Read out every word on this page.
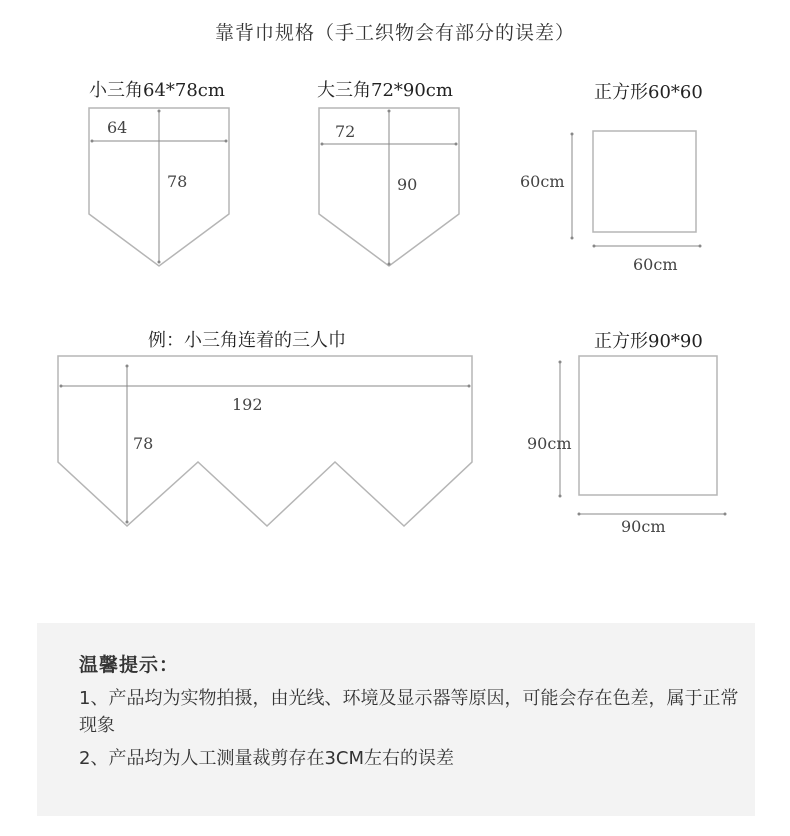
靠背巾规格（手工织物会有部分的误差）
小三角64*78cm	大三角72*90cm	正方形60*60
例：小三角连着的三人巾	正方形90*90
64
78
72
90	60cm
60cm
192
78	90cm
90cm
温馨提示：
1、产品均为实物拍摄，由光线、环境及显示器等原因，可能会存在色差，属于正常现象
2、产品均为人工测量裁剪存在3CM左右的误差
